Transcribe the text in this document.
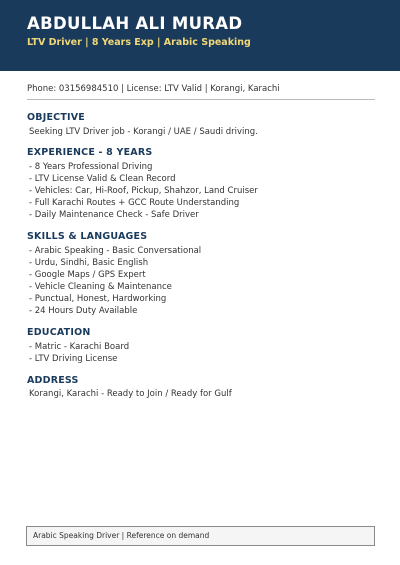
ABDULLAH ALI MURAD
LTV Driver | 8 Years Exp | Arabic Speaking
Phone: 03156984510 | License: LTV Valid | Korangi, Karachi
OBJECTIVE
Seeking LTV Driver job - Korangi / UAE / Saudi driving.
EXPERIENCE - 8 YEARS
- 8 Years Professional Driving
- LTV License Valid & Clean Record
- Vehicles: Car, Hi-Roof, Pickup, Shahzor, Land Cruiser
- Full Karachi Routes + GCC Route Understanding
- Daily Maintenance Check - Safe Driver
SKILLS & LANGUAGES
- Arabic Speaking - Basic Conversational
- Urdu, Sindhi, Basic English
- Google Maps / GPS Expert
- Vehicle Cleaning & Maintenance
- Punctual, Honest, Hardworking
- 24 Hours Duty Available
EDUCATION
- Matric - Karachi Board
- LTV Driving License
ADDRESS
Korangi, Karachi - Ready to Join / Ready for Gulf
Arabic Speaking Driver | Reference on demand
